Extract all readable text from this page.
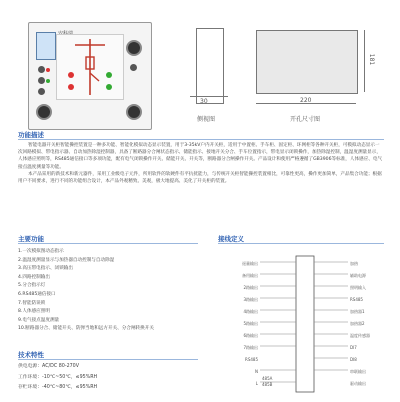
30
侧视图
220
181
开孔尺寸图
功能描述
智能电器开关柜智能操控装置是一种多功能、智能化模拟动态显示装置，用于3-35kV户内开关柜，适用于中置柜、手车柜、固定柜、环网柜等各种开关柜，可模拟动态显示一次回路模拟、带电指示器、自动加热除湿控制器，具备了断路器分合闸状态指示、储能指示、接地开关分合、手车位置指示，带电显示闭锁操作，加热除湿控制，温湿度测量显示，人体感应照明等，RS485通信接口等多项功能，配有电气闭锁操作开关、储能开关、开关等，断路器分合闸操作开关。产品设计和使用严格遵循了GB3906等标准，人体感应、电气接点温度测量等功能。
本产品采用的新技术和新元器件，采用工业级电子元件，所用软件的软硬件有平抗扰能力，与传统开关柜智能操控装置相比，可靠性更高，操作更加简单，产品集合功能；根据用户不同要求，进行不同的功能组合设计，本产品外观精致、美观，极大地提高、美化了开关柜的装置。
主要功能
1.一次模拟图动态指示
2.温湿度测量显示与加热器自动控制与自动除湿
3.高压带电指示、闭锁输出
4.四路控制输出
5.分合指示灯
6.RS485通信接口
7.智能防误锁
8.人体感应照明
9.电气接点温度测量
10.断路器分合、储能开关、防弹当地和远方开关、分合闸转换开关
接线定义
遥量输出
备用输出
2路输出
3路输出
4路输出
5路输出
6路输出
7路输出
RS485
N
L
加热
辅助电源
照明输入
RS485
加热器1
加热器2
温度传感器
DI7
DI8
串联输出
驱动输出
485A
485B
技术特性
供电电源：AC/DC 80-270V
工作环境：-10℃~50℃，≤95%RH
存贮环境：-40℃~80℃，≤95%RH
